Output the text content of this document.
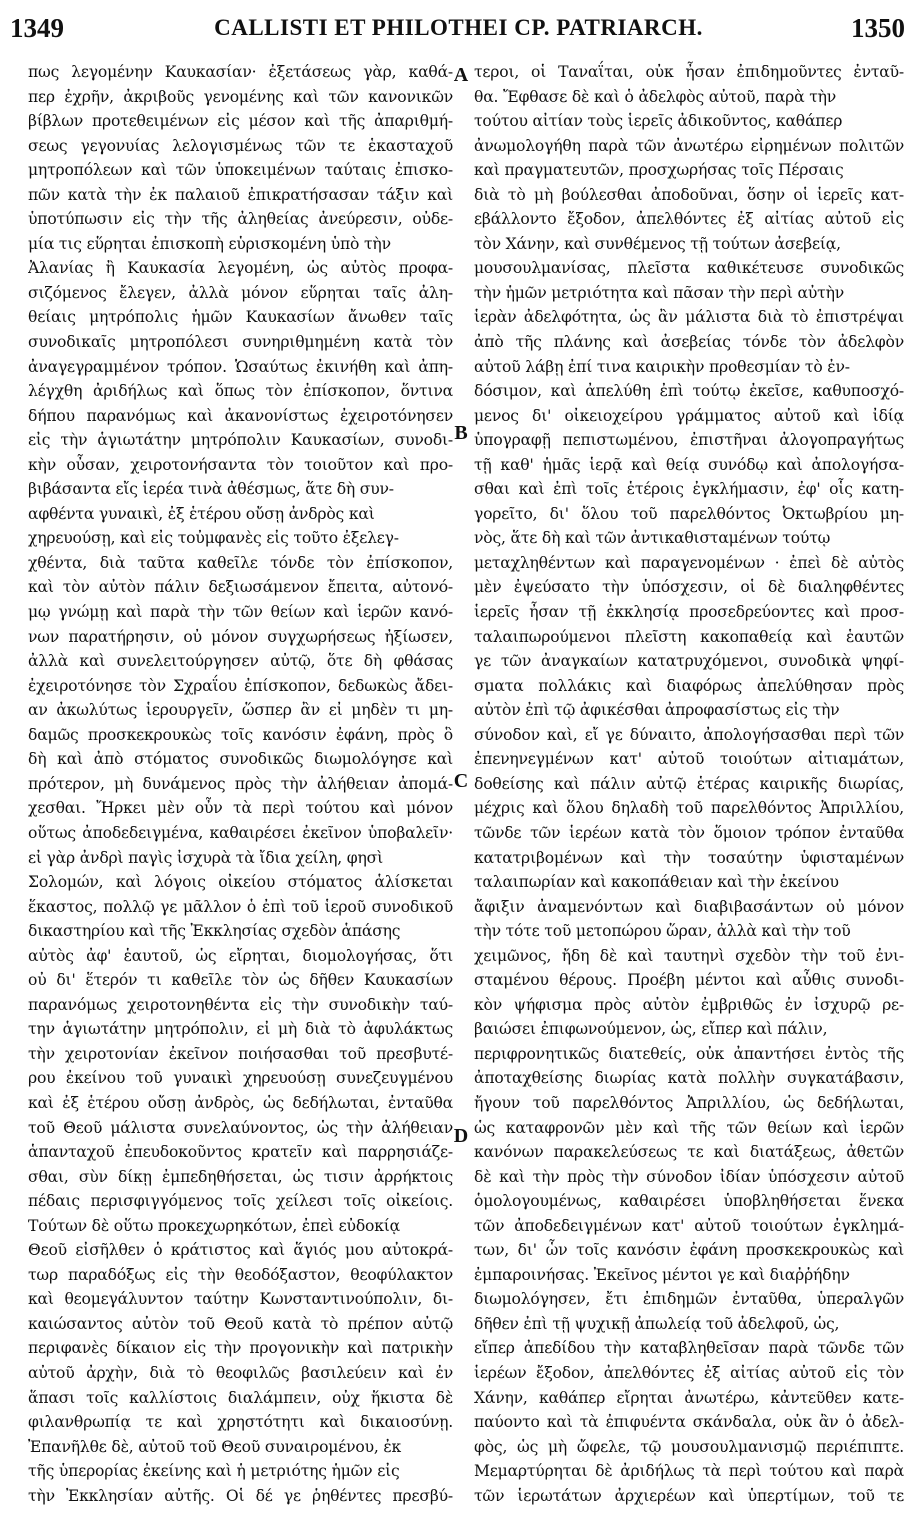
1349	CALLISTI ET PHILOTHEI CP. PATRIARCH.	1350
πως λεγομένην Καυκασίαν· ἐξετάσεως γὰρ, καθά-
περ ἐχρῆν, ἀκριβοῦς γενομένης καὶ τῶν κανονικῶν
βίβλων προτεθειμένων εἰς μέσον καὶ τῆς ἀπαριθμή-
σεως γεγονυίας λελογισμένως τῶν τε ἑκασταχοῦ
μητροπόλεων καὶ τῶν ὑποκειμένων ταύταις ἐπισκο-
πῶν κατὰ τὴν ἐκ παλαιοῦ ἐπικρατήσασαν τάξιν καὶ
ὑποτύπωσιν εἰς τὴν τῆς ἀληθείας ἀνεύρεσιν, οὐδε-
μία τις εὕρηται ἐπισκοπὴ εὑρισκομένη ὑπὸ τὴν
Ἀλανίας ἢ Καυκασία λεγομένη, ὡς αὐτὸς προφα-
σιζόμενος ἔλεγεν, ἀλλὰ μόνον εὕρηται ταῖς ἀλη-
θείαις μητρόπολις ἡμῶν Καυκασίων ἄνωθεν ταῖς
συνοδικαῖς μητροπόλεσι συνηριθμημένη κατὰ τὸν
ἀναγεγραμμένον τρόπον. Ὡσαύτως ἐκινήθη καὶ ἀπη-
λέγχθη ἀριδήλως καὶ ὅπως τὸν ἐπίσκοπον, ὅντινα
δήπου παρανόμως καὶ ἀκανονίστως ἐχειροτόνησεν
εἰς τὴν ἁγιωτάτην μητρόπολιν Καυκασίων, συνοδι-
κὴν οὖσαν, χειροτονήσαντα τὸν τοιοῦτον καὶ προ-
βιβάσαντα εἴς ἱερέα τινὰ ἀθέσμως, ἅτε δὴ συν-
αφθέντα γυναικὶ, ἐξ ἑτέρου οὔσῃ ἀνδρὸς καὶ
χηρευούσῃ, καὶ εἰς τοὐμφανὲς εἰς τοῦτο ἐξελεγ-
χθέντα, διὰ ταῦτα καθεῖλε τόνδε τὸν ἐπίσκοπον,
καὶ τὸν αὐτὸν πάλιν δεξιωσάμενον ἔπειτα, αὐτονό-
μῳ γνώμῃ καὶ παρὰ τὴν τῶν θείων καὶ ἱερῶν κανό-
νων παρατήρησιν, οὐ μόνον συγχωρήσεως ἠξίωσεν,
ἀλλὰ καὶ συνελειτούργησεν αὐτῷ, ὅτε δὴ φθάσας
ἐχειροτόνησε τὸν Σχραΐου ἐπίσκοπον, δεδωκὼς ἄδει-
αν ἀκωλύτως ἱερουργεῖν, ὥσπερ ἂν εἰ μηδὲν τι μη-
δαμῶς προσκεκρουκὼς τοῖς κανόσιν ἐφάνη, πρὸς ὃ
δὴ καὶ ἀπὸ στόματος συνοδικῶς διωμολόγησε καὶ
πρότερον, μὴ δυνάμενος πρὸς τὴν ἀλήθειαν ἀπομά-
χεσθαι. Ἤρκει μὲν οὖν τὰ περὶ τούτου καὶ μόνον
οὕτως ἀποδεδειγμένα, καθαιρέσει ἐκεῖνον ὑποβαλεῖν·
εἰ γὰρ ἀνδρὶ παγὶς ἰσχυρὰ τὰ ἴδια χείλη, φησὶ
Σολομών, καὶ λόγοις οἰκείου στόματος ἁλίσκεται
ἕκαστος, πολλῷ γε μᾶλλον ὁ ἐπὶ τοῦ ἱεροῦ συνοδικοῦ
δικαστηρίου καὶ τῆς Ἐκκλησίας σχεδὸν ἁπάσης
αὐτὸς ἀφ' ἑαυτοῦ, ὡς εἴρηται, διομολογήσας, ὅτι
οὐ δι' ἕτερόν τι καθεῖλε τὸν ὡς δῆθεν Καυκασίων
παρανόμως χειροτονηθέντα εἰς τὴν συνοδικὴν ταύ-
την ἁγιωτάτην μητρόπολιν, εἰ μὴ διὰ τὸ ἀφυλάκτως
τὴν χειροτονίαν ἐκεῖνον ποιήσασθαι τοῦ πρεσβυτέ-
ρου ἐκείνου τοῦ γυναικὶ χηρευούσῃ συνεζευγμένου
καὶ ἐξ ἑτέρου οὔσῃ ἀνδρὸς, ὡς δεδήλωται, ἐνταῦθα
τοῦ Θεοῦ μάλιστα συνελαύνοντος, ὡς τὴν ἀλήθειαν
ἁπανταχοῦ ἐπευδοκοῦντος κρατεῖν καὶ παρρησιάζε-
σθαι, σὺν δίκῃ ἐμπεδηθήσεται, ὡς τισιν ἀρρήκτοις
πέδαις περισφιγγόμενος τοῖς χείλεσι τοῖς οἰκείοις.
Τούτων δὲ οὕτω προκεχωρηκότων, ἐπεὶ εὐδοκίᾳ
Θεοῦ εἰσῆλθεν ὁ κράτιστος καὶ ἅγιός μου αὐτοκρά-
τωρ παραδόξως εἰς τὴν θεοδόξαστον, θεοφύλακτον
καὶ θεομεγάλυντον ταύτην Κωνσταντινούπολιν, δι-
καιώσαντος αὐτὸν τοῦ Θεοῦ κατὰ τὸ πρέπον αὐτῷ
περιφανὲς δίκαιον εἰς τὴν προγονικὴν καὶ πατρικὴν
αὐτοῦ ἀρχὴν, διὰ τὸ θεοφιλῶς βασιλεύειν καὶ ἐν
ἅπασι τοῖς καλλίστοις διαλάμπειν, οὐχ ἥκιστα δὲ
φιλανθρωπίᾳ τε καὶ χρηστότητι καὶ δικαιοσύνῃ.
Ἐπανῆλθε δὲ, αὐτοῦ τοῦ Θεοῦ συναιρομένου, ἐκ
τῆς ὑπερορίας ἐκείνης καὶ ἡ μετριότης ἡμῶν εἰς
τὴν Ἐκκλησίαν αὐτῆς. Οἱ δέ γε ῥηθέντες πρεσβύ-
τεροι, οἱ Ταναΐται, οὐκ ἦσαν ἐπιδημοῦντες ἐνταῦ-
θα. Ἔφθασε δὲ καὶ ὁ ἀδελφὸς αὐτοῦ, παρὰ τὴν
τούτου αἰτίαν τοὺς ἱερεῖς ἀδικοῦντος, καθάπερ
ἀνωμολογήθη παρὰ τῶν ἀνωτέρω εἰρημένων πολιτῶν
καὶ πραγματευτῶν, προσχωρήσας τοῖς Πέρσαις
διὰ τὸ μὴ βούλεσθαι ἀποδοῦναι, ὅσην οἱ ἱερεῖς κατ-
εβάλλοντο ἔξοδον, ἀπελθόντες ἐξ αἰτίας αὐτοῦ εἰς
τὸν Χάνην, καὶ συνθέμενος τῇ τούτων ἀσεβείᾳ,
μουσουλμανίσας, πλεῖστα καθικέτευσε συνοδικῶς
τὴν ἡμῶν μετριότητα καὶ πᾶσαν τὴν περὶ αὐτὴν
ἱερὰν ἀδελφότητα, ὡς ἂν μάλιστα διὰ τὸ ἐπιστρέψαι
ἀπὸ τῆς πλάνης καὶ ἀσεβείας τόνδε τὸν ἀδελφὸν
αὐτοῦ λάβῃ ἐπί τινα καιρικὴν προθεσμίαν τὸ ἐν-
δόσιμον, καὶ ἀπελύθη ἐπὶ τούτῳ ἐκεῖσε, καθυποσχό-
μενος δι' οἰκειοχείρου γράμματος αὐτοῦ καὶ ἰδίᾳ
ὑπογραφῇ πεπιστωμένου, ἐπιστῆναι ἀλογοπραγήτως
τῇ καθ' ἡμᾶς ἱερᾷ καὶ θείᾳ συνόδῳ καὶ ἀπολογήσα-
σθαι καὶ ἐπὶ τοῖς ἑτέροις ἐγκλήμασιν, ἐφ' οἷς κατη-
γορεῖτο, δι' ὅλου τοῦ παρελθόντος Ὀκτωβρίου μη-
νὸς, ἅτε δὴ καὶ τῶν ἀντικαθισταμένων τούτῳ
μεταχληθέντων καὶ παραγενομένων · ἐπεὶ δὲ αὐτὸς
μὲν ἐψεύσατο τὴν ὑπόσχεσιν, οἱ δὲ διαληφθέντες
ἱερεῖς ἦσαν τῇ ἐκκλησίᾳ προσεδρεύοντες καὶ προσ-
ταλαιπωρούμενοι πλεῖστη κακοπαθείᾳ καὶ ἑαυτῶν
γε τῶν ἀναγκαίων κατατρυχόμενοι, συνοδικὰ ψηφί-
σματα πολλάκις καὶ διαφόρως ἀπελύθησαν πρὸς
αὐτὸν ἐπὶ τῷ ἀφικέσθαι ἀπροφασίστως εἰς τὴν
σύνοδον καὶ, εἴ γε δύναιτο, ἀπολογήσασθαι περὶ τῶν
ἐπενηνεγμένων κατ' αὐτοῦ τοιούτων αἰτιαμάτων,
δοθείσης καὶ πάλιν αὐτῷ ἑτέρας καιρικῆς διωρίας,
μέχρις καὶ ὅλου δηλαδὴ τοῦ παρελθόντος Ἀπριλλίου,
τῶνδε τῶν ἱερέων κατὰ τὸν ὅμοιον τρόπον ἐνταῦθα
κατατριβομένων καὶ τὴν τοσαύτην ὑφισταμένων
ταλαιπωρίαν καὶ κακοπάθειαν καὶ τὴν ἐκείνου
ἄφιξιν ἀναμενόντων καὶ διαβιβασάντων οὐ μόνον
τὴν τότε τοῦ μετοπώρου ὥραν, ἀλλὰ καὶ τὴν τοῦ
χειμῶνος, ἤδη δὲ καὶ ταυτηνὶ σχεδὸν τὴν τοῦ ἐνι-
σταμένου θέρους. Προέβη μέντοι καὶ αὖθις συνοδι-
κὸν ψήφισμα πρὸς αὐτὸν ἐμβριθῶς ἐν ἰσχυρῷ ρε-
βαιώσει ἐπιφωνούμενον, ὡς, εἴπερ καὶ πάλιν,
περιφρονητικῶς διατεθείς, οὐκ ἀπαντήσει ἐντὸς τῆς
ἀποταχθείσης διωρίας κατὰ πολλὴν συγκατάβασιν,
ἤγουν τοῦ παρελθόντος Ἀπριλλίου, ὡς δεδήλωται,
ὡς καταφρονῶν μὲν καὶ τῆς τῶν θείων καὶ ἱερῶν
κανόνων παρακελεύσεως τε καὶ διατάξεως, ἀθετῶν
δὲ καὶ τὴν πρὸς τὴν σύνοδον ἰδίαν ὑπόσχεσιν αὐτοῦ
ὁμολογουμένως, καθαιρέσει ὑποβληθήσεται ἕνεκα
τῶν ἀποδεδειγμένων κατ' αὐτοῦ τοιούτων ἐγκλημά-
των, δι' ὧν τοῖς κανόσιν ἐφάνη προσκεκρουκὼς καὶ
ἐμπαροινήσας. Ἐκεῖνος μέντοι γε καὶ διαῤῥήδην
διωμολόγησεν, ἔτι ἐπιδημῶν ἐνταῦθα, ὑπεραλγῶν
δῆθεν ἐπὶ τῇ ψυχικῇ ἀπωλείᾳ τοῦ ἀδελφοῦ, ὡς,
εἴπερ ἀπεδίδου τὴν καταβληθεῖσαν παρὰ τῶνδε τῶν
ἱερέων ἔξοδον, ἀπελθόντες ἐξ αἰτίας αὐτοῦ εἰς τὸν
Χάνην, καθάπερ εἴρηται ἀνωτέρω, κἀντεῦθεν κατε-
παύοντο καὶ τὰ ἐπιφυέντα σκάνδαλα, οὐκ ἂν ὁ ἀδελ-
φὸς, ὡς μὴ ὤφελε, τῷ μουσουλμανισμῷ περιέπιπτε.
Μεμαρτύρηται δὲ ἀριδήλως τὰ περὶ τούτου καὶ παρὰ
τῶν ἱερωτάτων ἀρχιερέων καὶ ὑπερτίμων, τοῦ τε
A
B
C
D
